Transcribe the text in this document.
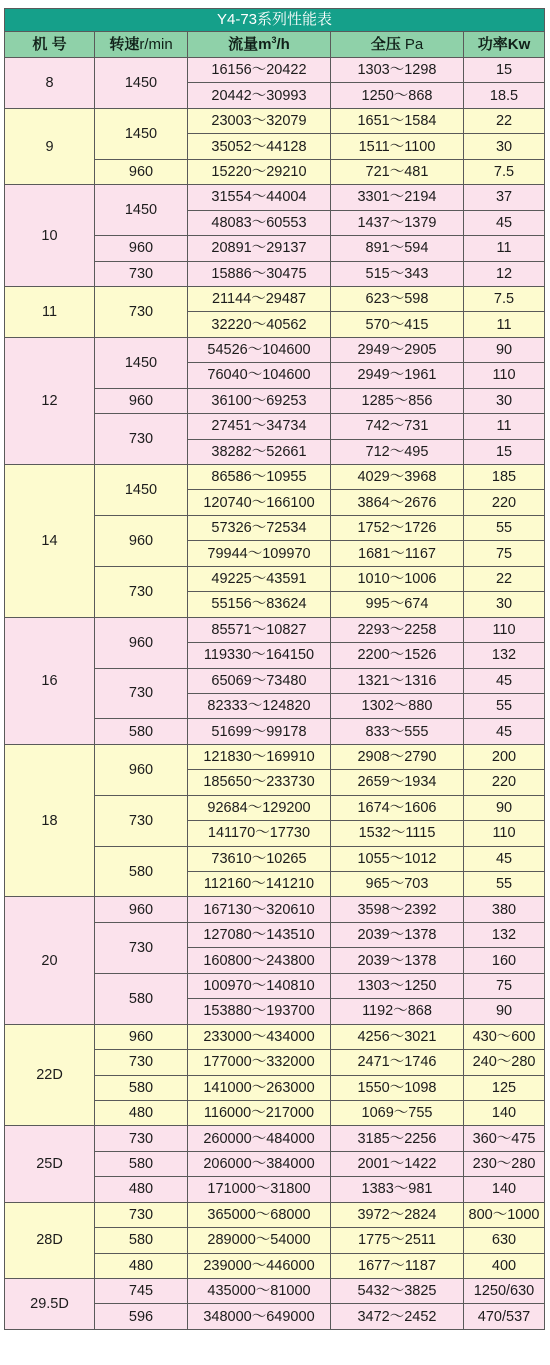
Y4-73系列性能表				
机 号	转速r/min	流量$m^3/h$	全压 Pa	功率Kw
8	1450	16156～20422	1303～1298	15
		20442～30993	1250～868	18.5
9	1450	23003～32079	1651～1584	22
		35052～44128	1511～1100	30
	960	15220～29210	721～481	7.5
10	1450	31554～44004	3301～2194	37
		48083～60553	1437～1379	45
	960	20891～29137	891～594	11
	730	15886～30475	515～343	12
11	730	21144～29487	623～598	7.5
		32220～40562	570～415	11
12	1450	54526～104600	2949～2905	90
		76040～104600	2949～1961	110
	960	36100～69253	1285～856	30
	730	27451～34734	742～731	11
		38282～52661	712～495	15
14	1450	86586～10955	4029～3968	185
		120740～166100	3864～2676	220
	960	57326～72534	1752～1726	55
		79944～109970	1681～1167	75
	730	49225～43591	1010～1006	22
		55156～83624	995～674	30
16	960	85571～10827	2293～2258	110
		119330～164150	2200～1526	132
	730	65069～73480	1321～1316	45
		82333～124820	1302～880	55
	580	51699～99178	833～555	45
18	960	121830～169910	2908～2790	200
		185650～233730	2659～1934	220
	730	92684～129200	1674～1606	90
		141170～17730	1532～1115	110
	580	73610～10265	1055～1012	45
		112160～141210	965～703	55
20	960	167130～320610	3598～2392	380
	730	127080～143510	2039～1378	132
		160800～243800	2039～1378	160
	580	100970～140810	1303～1250	75
		153880～193700	1192～868	90
22D	960	233000～434000	4256～3021	430～600
	730	177000～332000	2471～1746	240～280
	580	141000～263000	1550～1098	125
	480	116000～217000	1069～755	140
25D	730	260000～484000	3185～2256	360～475
	580	206000～384000	2001～1422	230～280
	480	171000～31800	1383～981	140
28D	730	365000～68000	3972～2824	800～1000
	580	289000～54000	1775～2511	630
	480	239000～446000	1677～1187	400
29.5D	745	435000～81000	5432～3825	1250/630
	596	348000～649000	3472～2452	470/537
